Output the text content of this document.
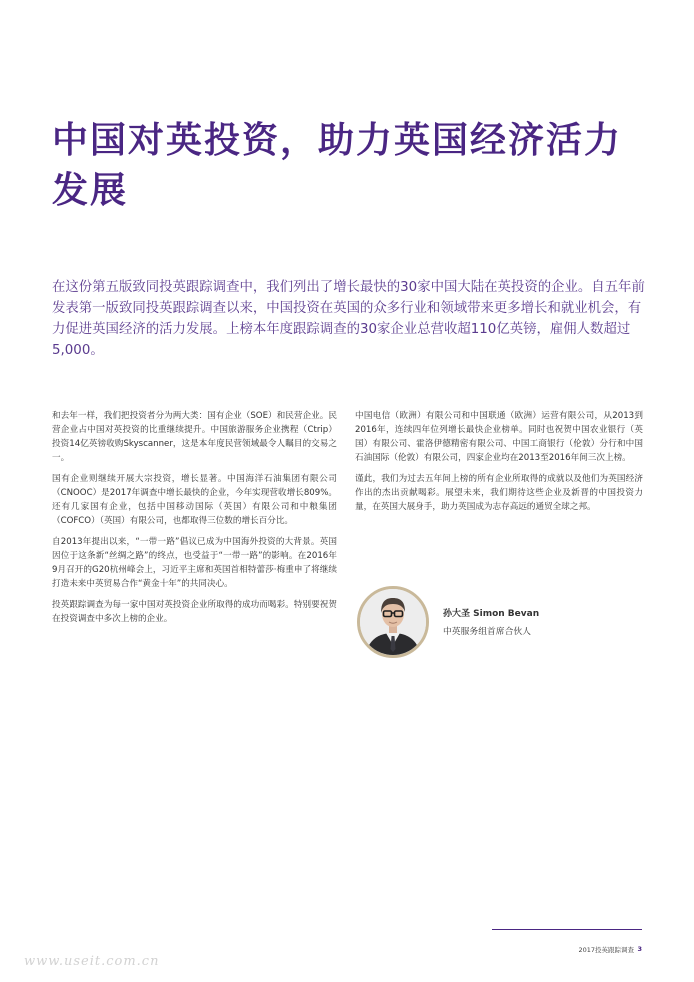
中国对英投资，助力英国经济活力发展

在这份第五版致同投英跟踪调查中，我们列出了增长最快的30家中国大陆在英投资的企业。自五年前发表第一版致同投英跟踪调查以来，中国投资在英国的众多行业和领域带来更多增长和就业机会，有力促进英国经济的活力发展。上榜本年度跟踪调查的30家企业总营收超110亿英镑，雇佣人数超过5,000。

和去年一样，我们把投资者分为两大类：国有企业（SOE）和民营企业。民营企业占中国对英投资的比重继续提升。中国旅游服务企业携程（Ctrip）投资14亿英镑收购Skyscanner，这是本年度民营领域最令人瞩目的交易之一。

国有企业则继续开展大宗投资，增长显著。中国海洋石油集团有限公司（CNOOC）是2017年调查中增长最快的企业，今年实现营收增长809%。还有几家国有企业，包括中国移动国际（英国）有限公司和中粮集团（COFCO）（英国）有限公司，也都取得三位数的增长百分比。

自2013年提出以来，“一带一路”倡议已成为中国海外投资的大背景。英国因位于这条新“丝绸之路”的终点，也受益于“一带一路”的影响。在2016年9月召开的G20杭州峰会上，习近平主席和英国首相特蕾莎·梅重申了将继续打造未来中英贸易合作“黄金十年”的共同决心。

投英跟踪调查为每一家中国对英投资企业所取得的成功而喝彩。特别要祝贺在投资调查中多次上榜的企业。

中国电信（欧洲）有限公司和中国联通（欧洲）运营有限公司，从2013到2016年，连续四年位列增长最快企业榜单。同时也祝贺中国农业银行（英国）有限公司、霍洛伊德精密有限公司、中国工商银行（伦敦）分行和中国石油国际（伦敦）有限公司，四家企业均在2013至2016年间三次上榜。

谨此，我们为过去五年间上榜的所有企业所取得的成就以及他们为英国经济作出的杰出贡献喝彩。展望未来，我们期待这些企业及新晋的中国投资力量，在英国大展身手，助力英国成为志存高远的通贸全球之邦。

孙大圣 Simon Bevan
中英服务组首席合伙人
2017投英跟踪调查 3
www.useit.com.cn
